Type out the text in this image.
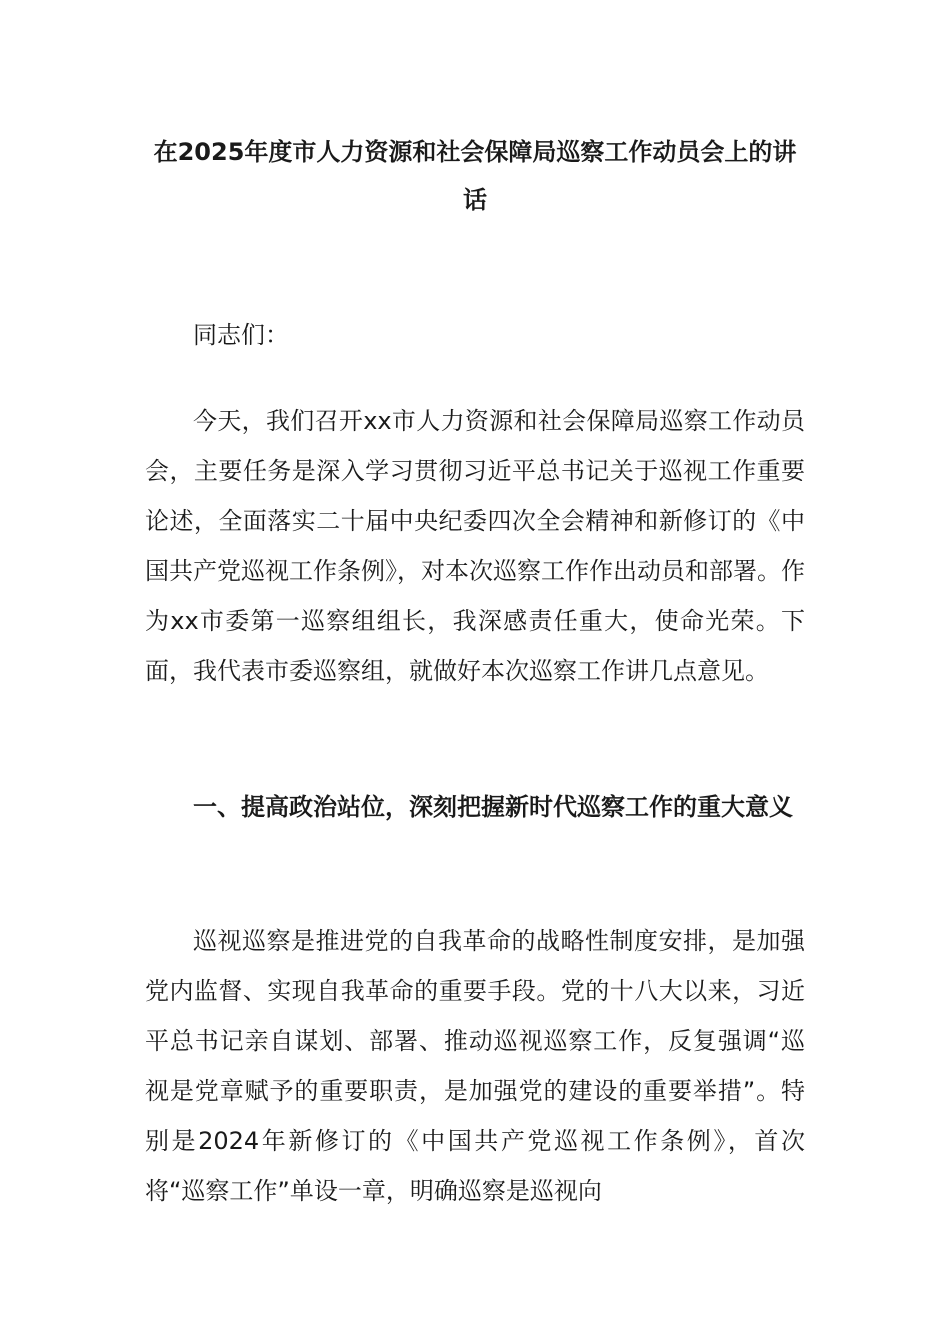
在2025年度市人力资源和社会保障局巡察工作动员会上的讲话

同志们：

今天，我们召开xx市人力资源和社会保障局巡察工作动员会，主要任务是深入学习贯彻习近平总书记关于巡视工作重要论述，全面落实二十届中央纪委四次全会精神和新修订的《中国共产党巡视工作条例》，对本次巡察工作作出动员和部署。作为xx市委第一巡察组组长，我深感责任重大，使命光荣。下面，我代表市委巡察组，就做好本次巡察工作讲几点意见。

一、提高政治站位，深刻把握新时代巡察工作的重大意义

巡视巡察是推进党的自我革命的战略性制度安排，是加强党内监督、实现自我革命的重要手段。党的十八大以来，习近平总书记亲自谋划、部署、推动巡视巡察工作，反复强调“巡视是党章赋予的重要职责，是加强党的建设的重要举措”。特别是2024年新修订的《中国共产党巡视工作条例》，首次将“巡察工作”单设一章，明确巡察是巡视向
